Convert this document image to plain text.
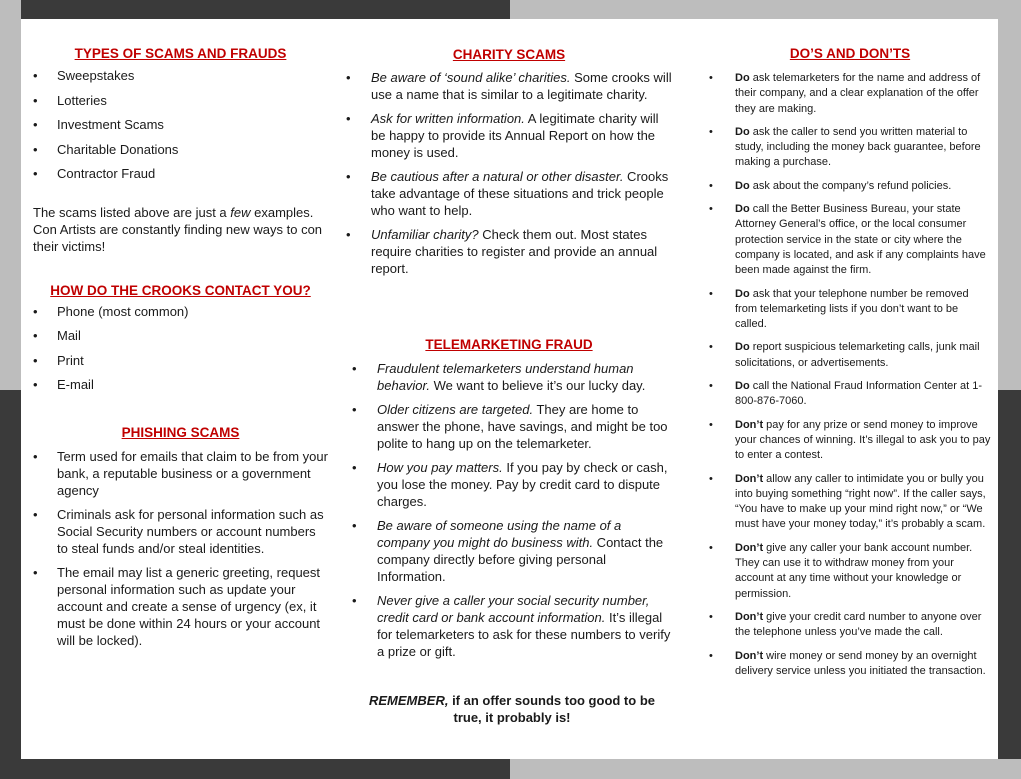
TYPES OF SCAMS AND FRAUDS
• Sweepstakes
• Lotteries
• Investment Scams
• Charitable Donations
• Contractor Fraud

The scams listed above are just a few examples. Con Artists are constantly finding new ways to con their victims!

HOW DO THE CROOKS CONTACT YOU?
• Phone (most common)
• Mail
• Print
• E-mail
PHISHING SCAMS
• Term used for emails that claim to be from your bank, a reputable business or a government agency
• Criminals ask for personal information such as Social Security numbers or account numbers to steal funds and/or steal identities.
• The email may list a generic greeting, request personal information such as update your account and create a sense of urgency (ex, it must be done within 24 hours or your account will be locked).
CHARITY SCAMS
• Be aware of ‘sound alike’ charities. Some crooks will use a name that is similar to a legitimate charity.
• Ask for written information. A legitimate charity will be happy to provide its Annual Report on how the money is used.
• Be cautious after a natural or other disaster. Crooks take advantage of these situations and trick people who want to help.
• Unfamiliar charity? Check them out. Most states require charities to register and provide an annual report.
TELEMARKETING FRAUD
• Fraudulent telemarketers understand human behavior. We want to believe it’s our lucky day.
• Older citizens are targeted. They are home to answer the phone, have savings, and might be too polite to hang up on the telemarketer.
• How you pay matters. If you pay by check or cash, you lose the money. Pay by credit card to dispute charges.
• Be aware of someone using the name of a company you might do business with. Contact the company directly before giving personal Information.
• Never give a caller your social security number, credit card or bank account information. It’s illegal for telemarketers to ask for these numbers to verify a prize or gift.

REMEMBER, if an offer sounds too good to be true, it probably is!

DO’S AND DON’TS
• Do ask telemarketers for the name and address of their company, and a clear explanation of the offer they are making.
• Do ask the caller to send you written material to study, including the money back guarantee, before making a purchase.
• Do ask about the company’s refund policies.
• Do call the Better Business Bureau, your state Attorney General’s office, or the local consumer protection service in the state or city where the company is located, and ask if any complaints have been made against the firm.
• Do ask that your telephone number be removed from telemarketing lists if you don’t want to be called.
• Do report suspicious telemarketing calls, junk mail solicitations, or advertisements.
• Do call the National Fraud Information Center at 1-800-876-7060.
• Don’t pay for any prize or send money to improve your chances of winning. It’s illegal to ask you to pay to enter a contest.
• Don’t allow any caller to intimidate you or bully you into buying something “right now”. If the caller says, “You have to make up your mind right now,” or “We must have your money today,” it’s probably a scam.
• Don’t give any caller your bank account number. They can use it to withdraw money from your account at any time without your knowledge or permission.
• Don’t give your credit card number to anyone over the telephone unless you’ve made the call.
• Don’t wire money or send money by an overnight delivery service unless you initiated the transaction.
